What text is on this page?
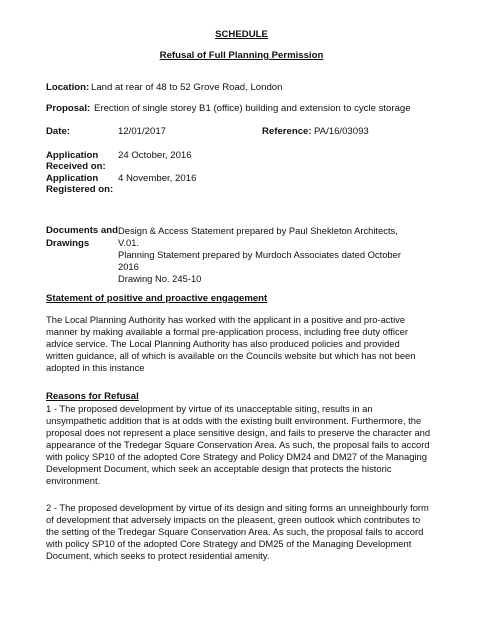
SCHEDULE
Refusal of Full Planning Permission
Location: Land at rear of 48 to 52 Grove Road, London
Proposal: Erection of single storey B1 (office) building and extension to cycle storage
Date:	12/01/2017	Reference: PA/16/03093
Application
Received on:
24 October, 2016
Application
Registered on:
4 November, 2016
Documents and
Drawings
Design & Access Statement prepared by Paul Shekleton Architects,
V.01.
Planning Statement prepared by Murdoch Associates dated October
2016
Drawing No. 245-10
Statement of positive and proactive engagement
The Local Planning Authority has worked with the applicant in a positive and pro-active
manner by making available a formal pre-application process, including free duty officer
advice service. The Local Planning Authority has also produced policies and provided
written guidance, all of which is available on the Councils website but which has not been
adopted in this instance
Reasons for Refusal
1 - The proposed development by virtue of its unacceptable siting, results in an
unsympathetic addition that is at odds with the existing built environment. Furthermore, the
proposal does not represent a place sensitive design, and fails to preserve the character and
appearance of the Tredegar Square Conservation Area. As such, the proposal fails to accord
with policy SP10 of the adopted Core Strategy and Policy DM24 and DM27 of the Managing
Development Document, which seek an acceptable design that protects the historic
environment.
2 - The proposed development by virtue of its design and siting forms an unneighbourly form
of development that adversely impacts on the pleasent, green outlook which contributes to
the setting of the Tredegar Square Conservation Area. As such, the proposal fails to accord
with policy SP10 of the adopted Core Strategy and DM25 of the Managing Development
Document, which seeks to protect residential amenity.
